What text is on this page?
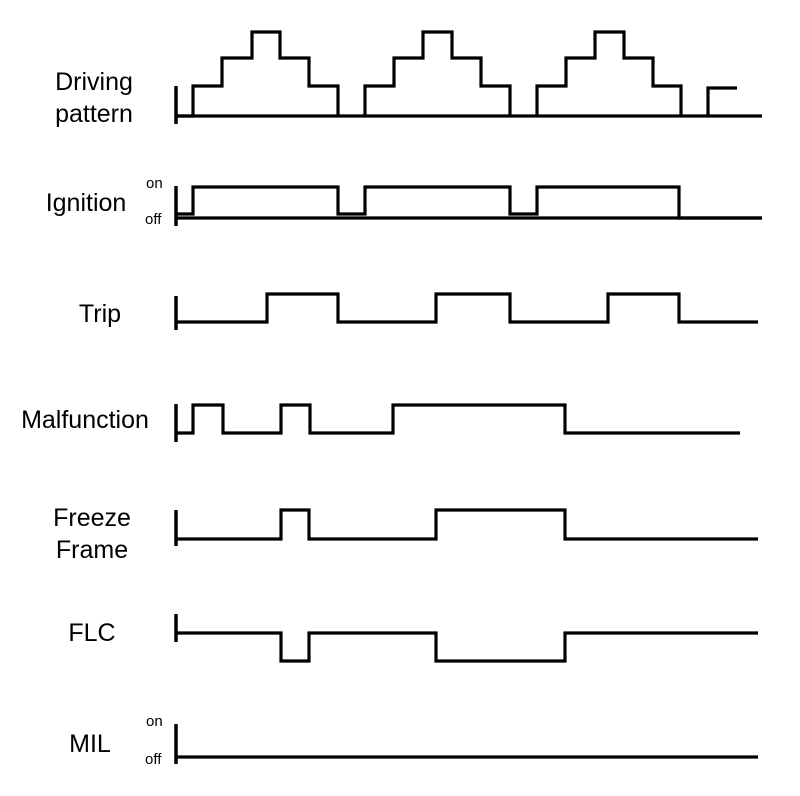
Driving
pattern
Ignition
on
off
Trip
Malfunction
Freeze
Frame
FLC
MIL
on
off
